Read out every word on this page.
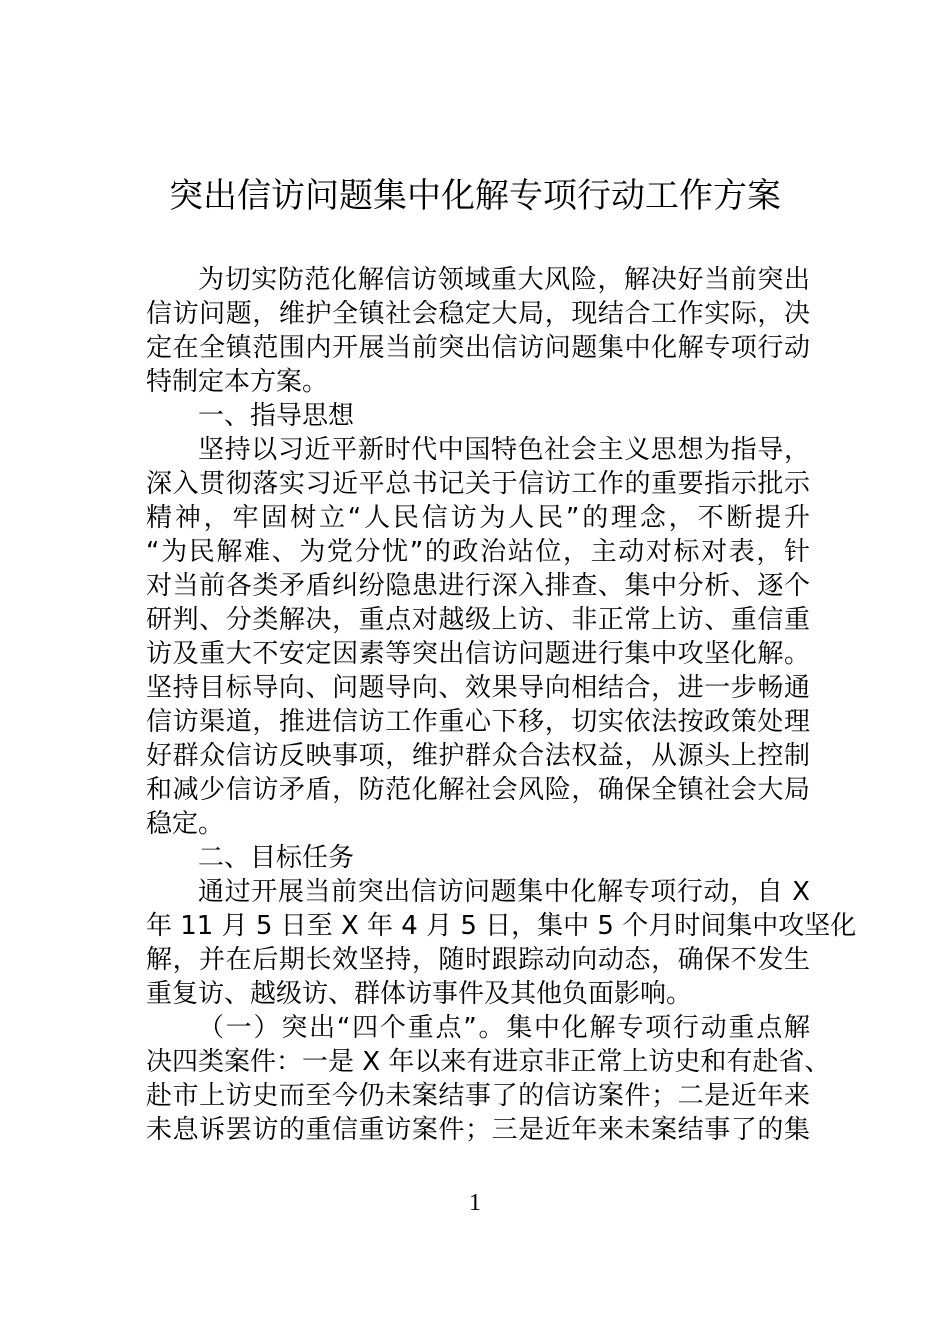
突出信访问题集中化解专项行动工作方案
为切实防范化解信访领域重大风险，解决好当前突出
信访问题，维护全镇社会稳定大局，现结合工作实际，决
定在全镇范围内开展当前突出信访问题集中化解专项行动
特制定本方案。
一、指导思想
坚持以习近平新时代中国特色社会主义思想为指导，
深入贯彻落实习近平总书记关于信访工作的重要指示批示
精神，牢固树立“人民信访为人民”的理念，不断提升
“为民解难、为党分忧”的政治站位，主动对标对表，针
对当前各类矛盾纠纷隐患进行深入排查、集中分析、逐个
研判、分类解决，重点对越级上访、非正常上访、重信重
访及重大不安定因素等突出信访问题进行集中攻坚化解。
坚持目标导向、问题导向、效果导向相结合，进一步畅通
信访渠道，推进信访工作重心下移，切实依法按政策处理
好群众信访反映事项，维护群众合法权益，从源头上控制
和减少信访矛盾，防范化解社会风险，确保全镇社会大局
稳定。
二、目标任务
通过开展当前突出信访问题集中化解专项行动，自 X
年 11 月 5 日至 X 年 4 月 5 日，集中 5 个月时间集中攻坚化
解，并在后期长效坚持，随时跟踪动向动态，确保不发生
重复访、越级访、群体访事件及其他负面影响。
（一）突出“四个重点”。集中化解专项行动重点解
决四类案件：一是 X 年以来有进京非正常上访史和有赴省、
赴市上访史而至今仍未案结事了的信访案件；二是近年来
未息诉罢访的重信重访案件；三是近年来未案结事了的集
1
